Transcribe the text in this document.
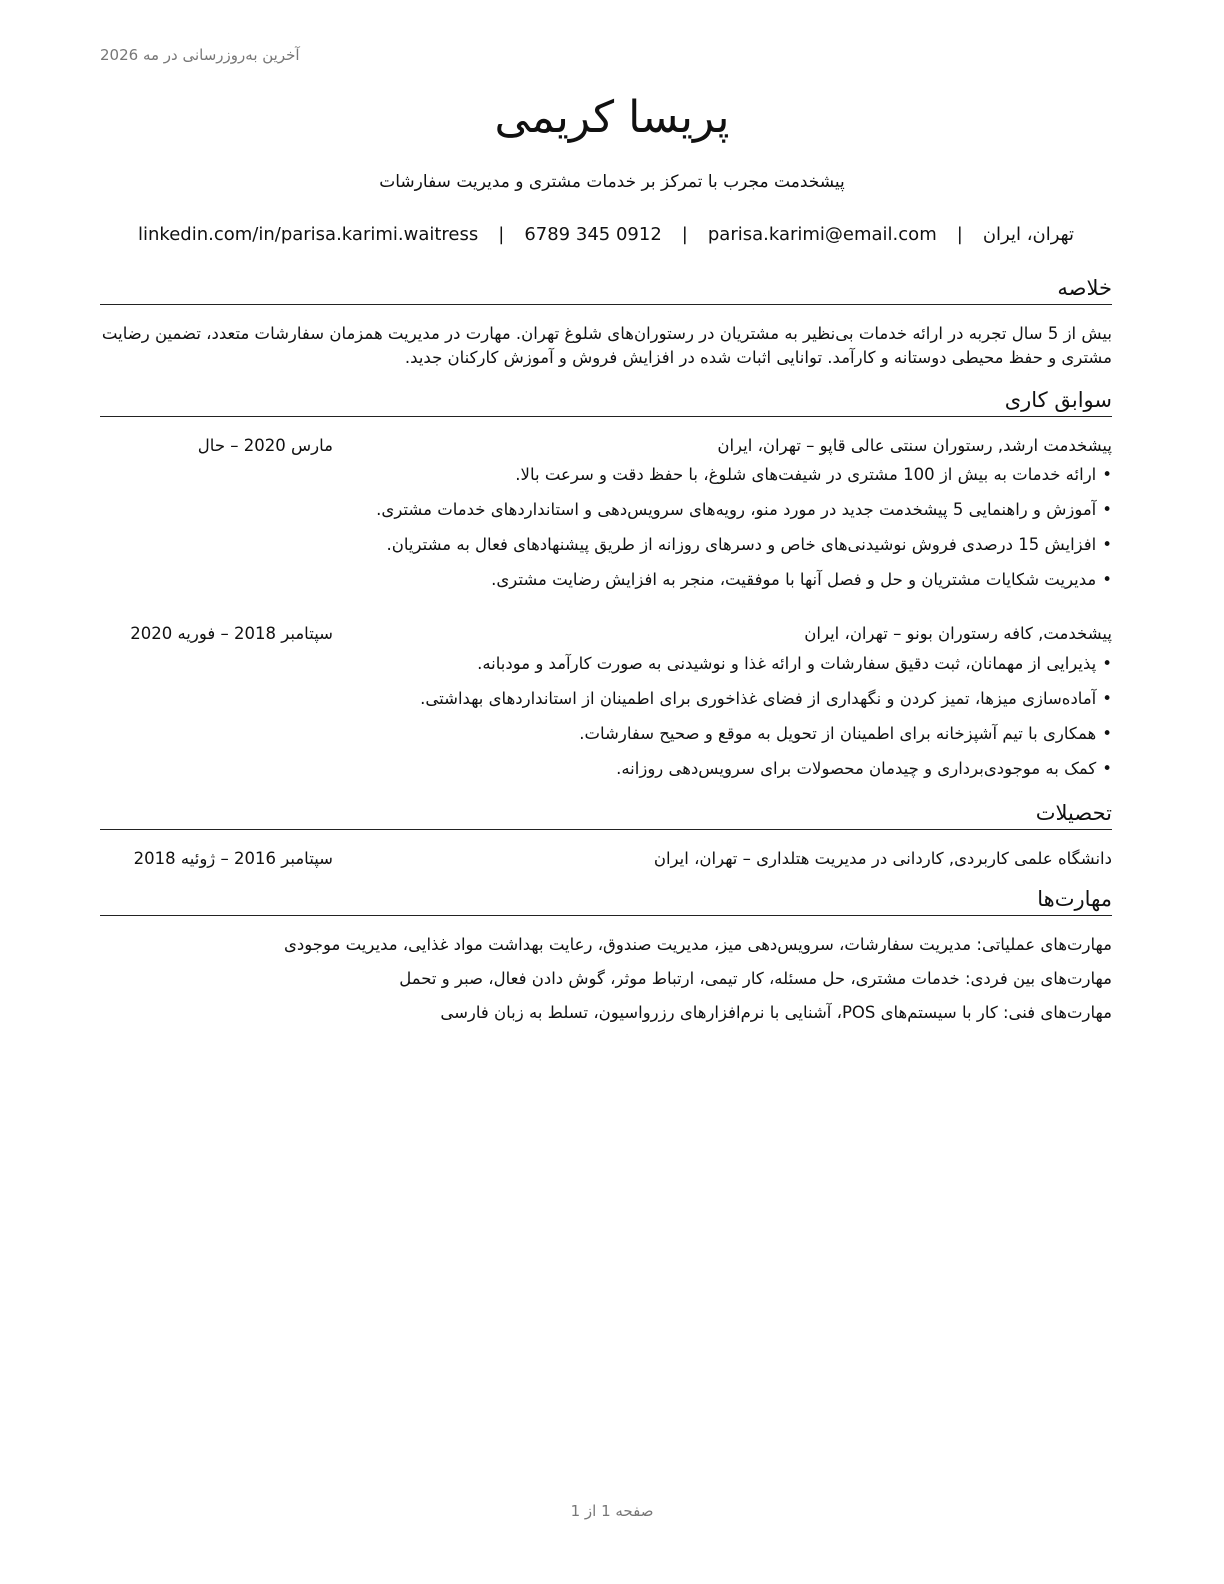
آخرین به‌روزرسانی در مه 2026
پریسا کریمی
پیشخدمت مجرب با تمرکز بر خدمات مشتری و مدیریت سفارشات
تهران، ایران
|
parisa.karimi@email.com
|
0912 345 6789
|
linkedin.com/in/parisa.karimi.waitress
خلاصه
بیش از 5 سال تجربه در ارائه خدمات بی‌نظیر به مشتریان در رستوران‌های شلوغ تهران. مهارت در مدیریت همزمان سفارشات متعدد، تضمین رضایت مشتری و حفظ محیطی دوستانه و کارآمد. توانایی اثبات شده در افزایش فروش و آموزش کارکنان جدید.
سوابق کاری
پیشخدمت ارشد, رستوران سنتی عالی قاپو – تهران، ایران
مارس 2020 – حال
•ارائه خدمات به بیش از 100 مشتری در شیفت‌های شلوغ، با حفظ دقت و سرعت بالا.
•آموزش و راهنمایی 5 پیشخدمت جدید در مورد منو، رویه‌های سرویس‌دهی و استانداردهای خدمات مشتری.
•افزایش 15 درصدی فروش نوشیدنی‌های خاص و دسرهای روزانه از طریق پیشنهادهای فعال به مشتریان.
•مدیریت شکایات مشتریان و حل و فصل آنها با موفقیت، منجر به افزایش رضایت مشتری.
پیشخدمت, کافه رستوران بونو – تهران، ایران
سپتامبر 2018 – فوریه 2020
•پذیرایی از مهمانان، ثبت دقیق سفارشات و ارائه غذا و نوشیدنی به صورت کارآمد و مودبانه.
•آماده‌سازی میزها، تمیز کردن و نگهداری از فضای غذاخوری برای اطمینان از استانداردهای بهداشتی.
•همکاری با تیم آشپزخانه برای اطمینان از تحویل به موقع و صحیح سفارشات.
•کمک به موجودی‌برداری و چیدمان محصولات برای سرویس‌دهی روزانه.
تحصیلات
دانشگاه علمی کاربردی, کاردانی در مدیریت هتلداری – تهران، ایران
سپتامبر 2016 – ژوئیه 2018
مهارت‌ها
مهارت‌های عملیاتی: مدیریت سفارشات، سرویس‌دهی میز، مدیریت صندوق، رعایت بهداشت مواد غذایی، مدیریت موجودی
مهارت‌های بین فردی: خدمات مشتری، حل مسئله، کار تیمی، ارتباط موثر، گوش دادن فعال، صبر و تحمل
مهارت‌های فنی: کار با سیستم‌های POS، آشنایی با نرم‌افزارهای رزرواسیون، تسلط به زبان فارسی
صفحه 1 از 1
